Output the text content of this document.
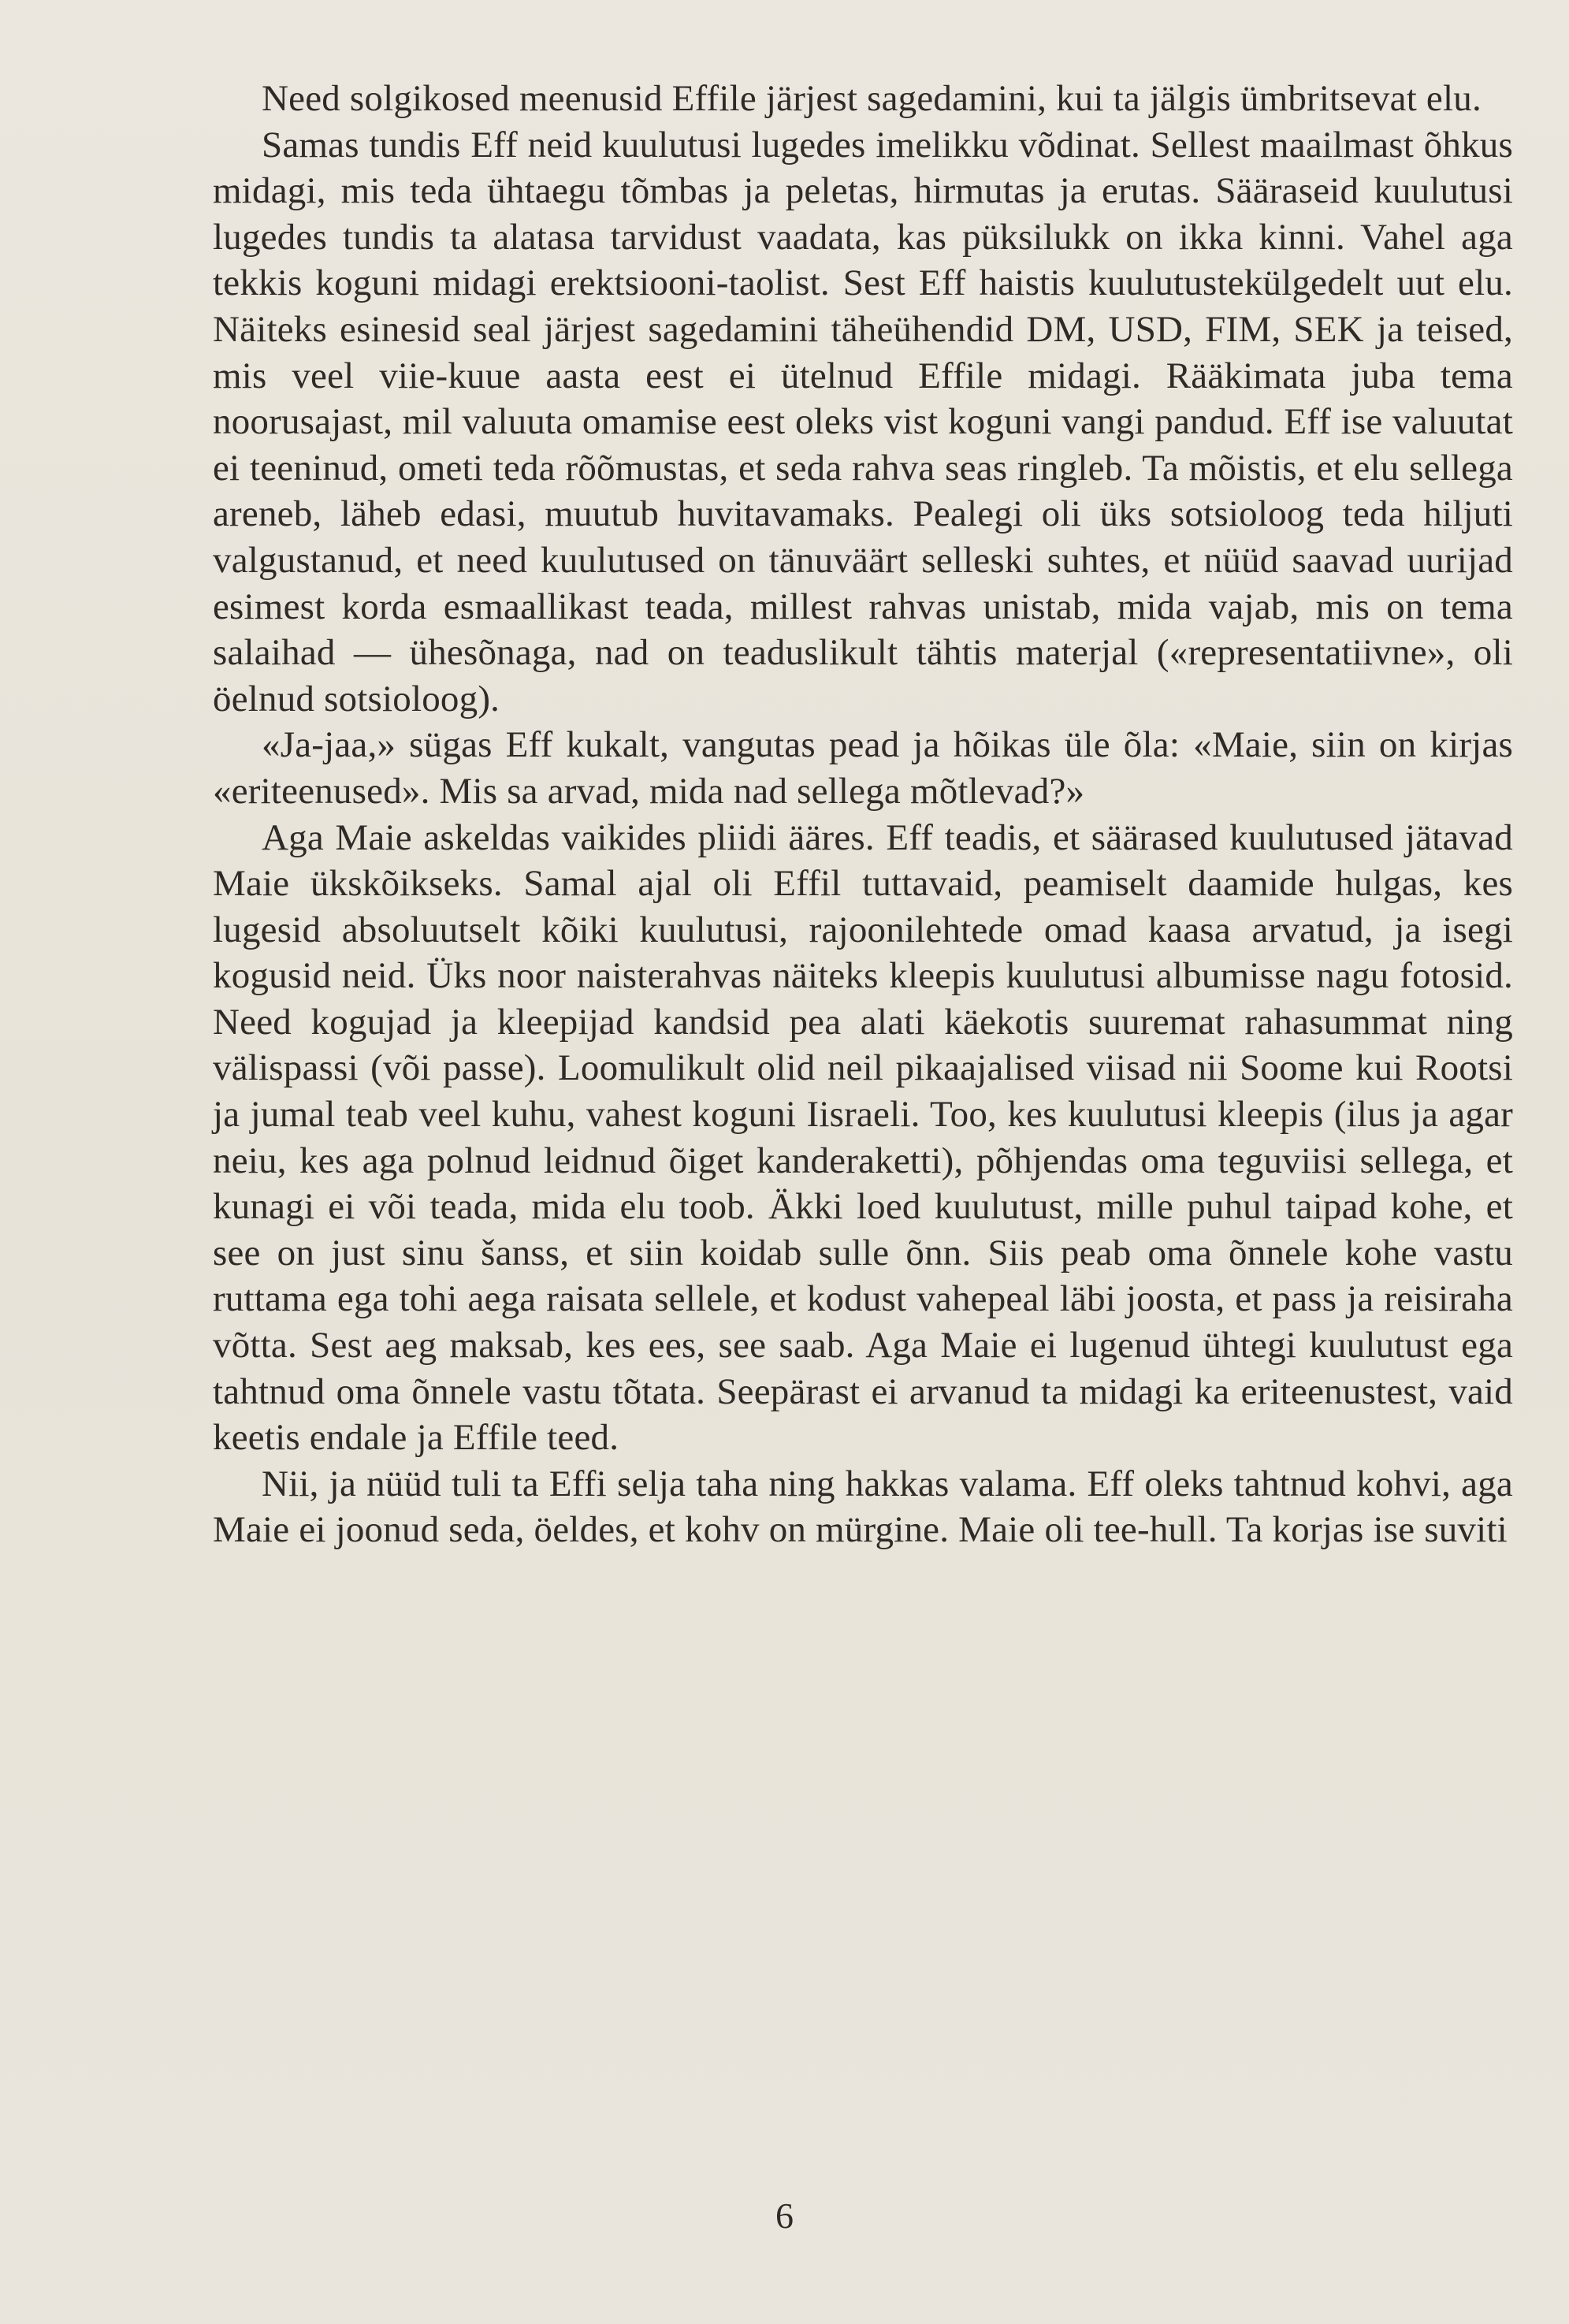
Need solgikosed meenusid Effile järjest sagedamini, kui ta jälgis ümbritsevat elu.

Samas tundis Eff neid kuulutusi lugedes imelikku võdinat. Sellest maailmast õhkus midagi, mis teda ühtaegu tõmbas ja peletas, hirmutas ja erutas. Sääraseid kuulutusi lugedes tundis ta alatasa tarvidust vaadata, kas püksilukk on ikka kinni. Vahel aga tekkis koguni midagi erektsiooni-taolist. Sest Eff haistis kuulutustekülgedelt uut elu. Näiteks esinesid seal järjest sagedamini täheühendid DM, USD, FIM, SEK ja teised, mis veel viie-kuue aasta eest ei ütelnud Effile midagi. Rääkimata juba tema noorusajast, mil valuuta omamise eest oleks vist koguni vangi pandud. Eff ise valuutat ei teeninud, ometi teda rõõmustas, et seda rahva seas ringleb. Ta mõistis, et elu sellega areneb, läheb edasi, muutub huvitavamaks. Pealegi oli üks sotsioloog teda hiljuti valgustanud, et need kuulutused on tänuväärt selleski suhtes, et nüüd saavad uurijad esimest korda esmaallikast teada, millest rahvas unistab, mida vajab, mis on tema salaihad — ühesõnaga, nad on teaduslikult tähtis materjal («representatiivne», oli öelnud sotsioloog).

«Ja-jaa,» sügas Eff kukalt, vangutas pead ja hõikas üle õla: «Maie, siin on kirjas «eriteenused». Mis sa arvad, mida nad sellega mõtlevad?»

Aga Maie askeldas vaikides pliidi ääres. Eff teadis, et säärased kuulutused jätavad Maie ükskõikseks. Samal ajal oli Effil tuttavaid, peamiselt daamide hulgas, kes lugesid absoluutselt kõiki kuulutusi, rajoonilehtede omad kaasa arvatud, ja isegi kogusid neid. Üks noor naisterahvas näiteks kleepis kuulutusi albumisse nagu fotosid. Need kogujad ja kleepijad kandsid pea alati käekotis suuremat rahasummat ning välispassi (või passe). Loomulikult olid neil pikaajalised viisad nii Soome kui Rootsi ja jumal teab veel kuhu, vahest koguni Iisraeli. Too, kes kuulutusi kleepis (ilus ja agar neiu, kes aga polnud leidnud õiget kanderaketti), põhjendas oma teguviisi sellega, et kunagi ei või teada, mida elu toob. Äkki loed kuulutust, mille puhul taipad kohe, et see on just sinu šanss, et siin koidab sulle õnn. Siis peab oma õnnele kohe vastu ruttama ega tohi aega raisata sellele, et kodust vahepeal läbi joosta, et pass ja reisiraha võtta. Sest aeg maksab, kes ees, see saab. Aga Maie ei lugenud ühtegi kuulutust ega tahtnud oma õnnele vastu tõtata. Seepärast ei arvanud ta midagi ka eriteenustest, vaid keetis endale ja Effile teed.

Nii, ja nüüd tuli ta Effi selja taha ning hakkas valama. Eff oleks tahtnud kohvi, aga Maie ei joonud seda, öeldes, et kohv on mürgine. Maie oli tee-hull. Ta korjas ise suviti

6
